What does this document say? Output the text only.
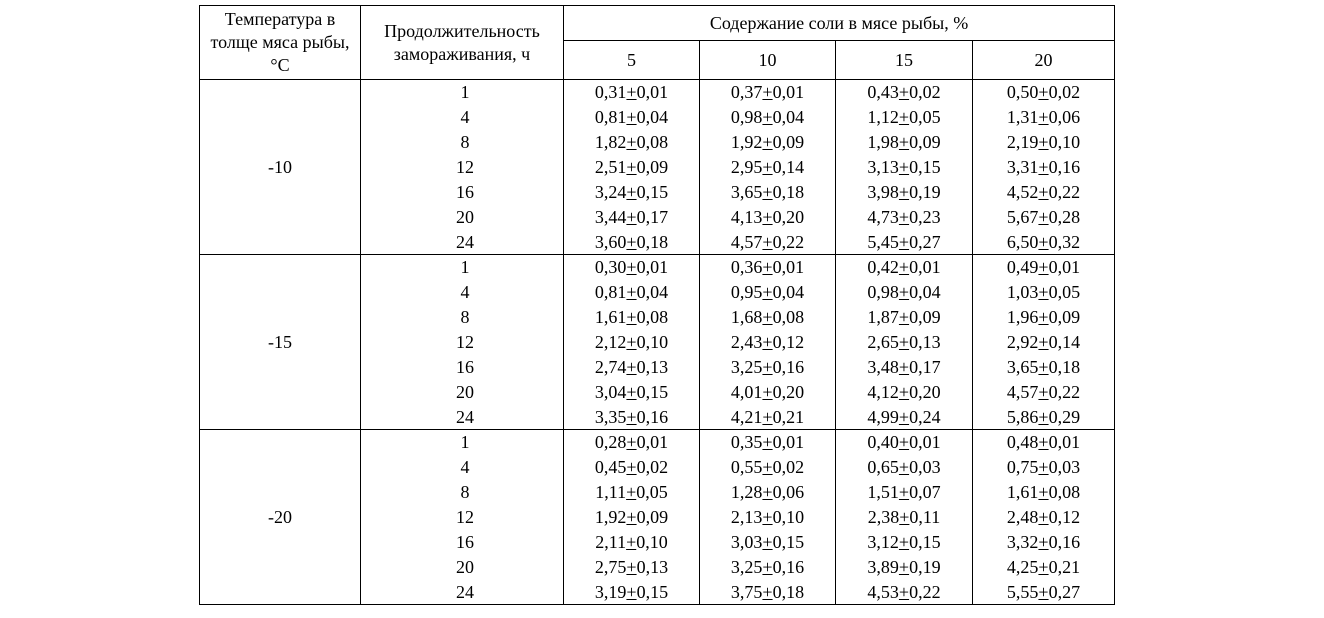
Температура в толще мяса рыбы, °С	Продолжительность замораживания, ч	Содержание соли в мясе рыбы, %			
		5	10	15	20
-10	1	0,31+0,01	0,37+0,01	0,43+0,02	0,50+0,02
	4	0,81+0,04	0,98+0,04	1,12+0,05	1,31+0,06
	8	1,82+0,08	1,92+0,09	1,98+0,09	2,19+0,10
	12	2,51+0,09	2,95+0,14	3,13+0,15	3,31+0,16
	16	3,24+0,15	3,65+0,18	3,98+0,19	4,52+0,22
	20	3,44+0,17	4,13+0,20	4,73+0,23	5,67+0,28
	24	3,60+0,18	4,57+0,22	5,45+0,27	6,50+0,32
-15	1	0,30+0,01	0,36+0,01	0,42+0,01	0,49+0,01
	4	0,81+0,04	0,95+0,04	0,98+0,04	1,03+0,05
	8	1,61+0,08	1,68+0,08	1,87+0,09	1,96+0,09
	12	2,12+0,10	2,43+0,12	2,65+0,13	2,92+0,14
	16	2,74+0,13	3,25+0,16	3,48+0,17	3,65+0,18
	20	3,04+0,15	4,01+0,20	4,12+0,20	4,57+0,22
	24	3,35+0,16	4,21+0,21	4,99+0,24	5,86+0,29
-20	1	0,28+0,01	0,35+0,01	0,40+0,01	0,48+0,01
	4	0,45+0,02	0,55+0,02	0,65+0,03	0,75+0,03
	8	1,11+0,05	1,28+0,06	1,51+0,07	1,61+0,08
	12	1,92+0,09	2,13+0,10	2,38+0,11	2,48+0,12
	16	2,11+0,10	3,03+0,15	3,12+0,15	3,32+0,16
	20	2,75+0,13	3,25+0,16	3,89+0,19	4,25+0,21
	24	3,19+0,15	3,75+0,18	4,53+0,22	5,55+0,27
